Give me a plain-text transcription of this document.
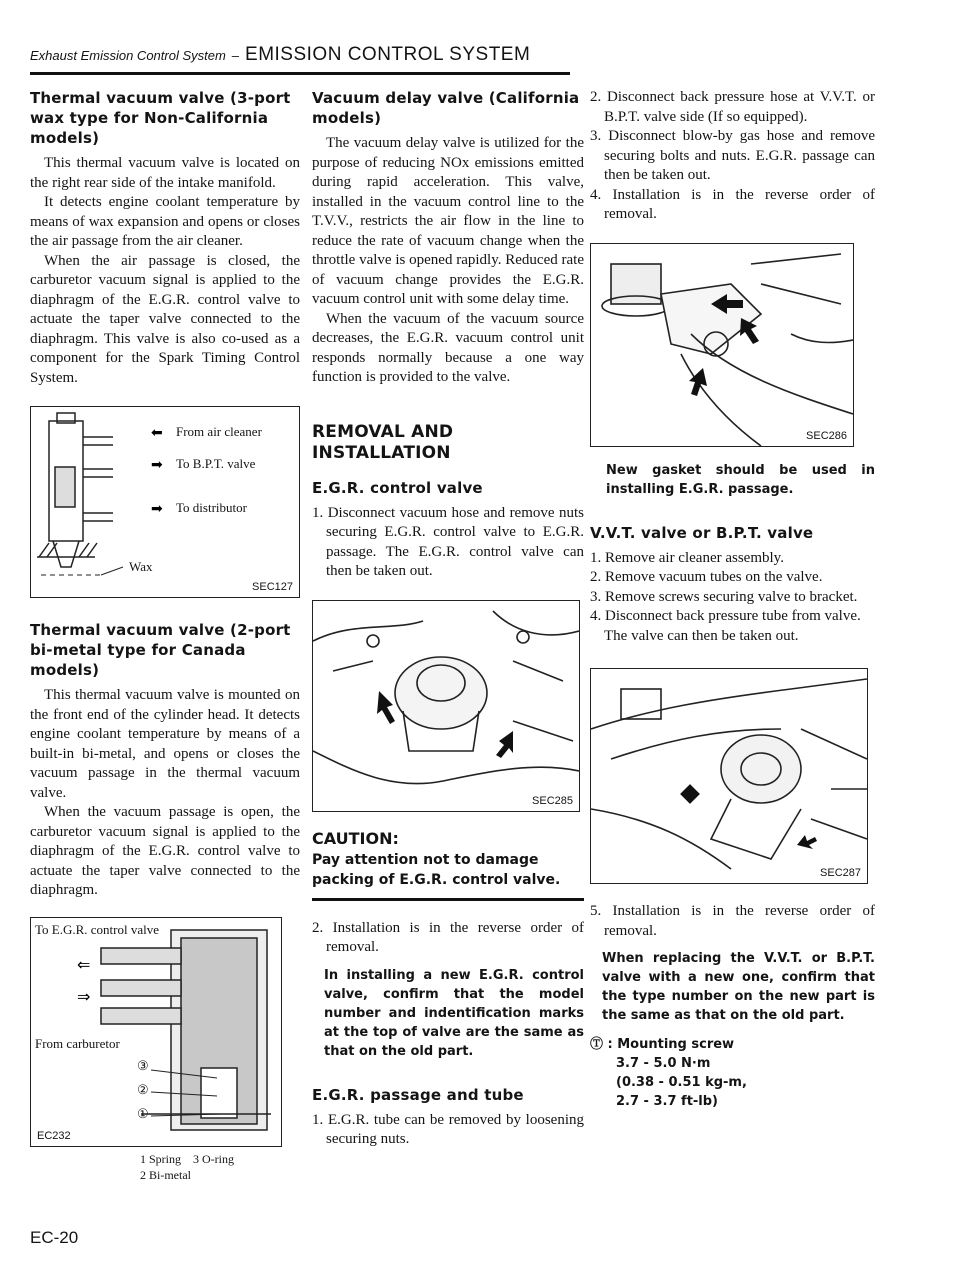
Exhaust Emission Control System – EMISSION CONTROL SYSTEM
Thermal vacuum valve (3-port wax type for Non-California models)

This thermal vacuum valve is located on the right rear side of the intake manifold.

It detects engine coolant temperature by means of wax expansion and opens or closes the air passage from the air cleaner.

When the air passage is closed, the carburetor vacuum signal is applied to the diaphragm of the E.G.R. control valve to actuate the taper valve connected to the diaphragm. This valve is also co-used as a component for the Spark Timing Control System.

⬅
➡
➡
From air cleaner
To B.P.T. valve
To distributor
Wax
SEC127
Thermal vacuum valve (2-port bi-metal type for Canada models)

This thermal vacuum valve is mounted on the front end of the cylinder head. It detects engine coolant temperature by means of a built-in bi-metal, and opens or closes the vacuum passage in the thermal vacuum valve.

When the vacuum passage is open, the carburetor vacuum signal is applied to the diaphragm of the E.G.R. control valve to actuate the taper valve connected to the diaphragm.

⇐
⇒
To E.G.R. control valve
From carburetor
③
②
①
EC232
1 Spring 3 O-ring
2 Bi-metal
Vacuum delay valve (California models)

The vacuum delay valve is utilized for the purpose of reducing NOx emissions emitted during rapid acceleration. This valve, installed in the vacuum control line to the T.V.V., restricts the air flow in the line to reduce the rate of vacuum change when the throttle valve is opened rapidly. Reduced rate of vacuum change provides the E.G.R. vacuum control unit with some delay time.

When the vacuum of the vacuum source decreases, the E.G.R. vacuum control unit responds normally because a one way function is provided to the valve.

REMOVAL AND INSTALLATION
E.G.R. control valve

1. Disconnect vacuum hose and remove nuts securing E.G.R. control valve to E.G.R. passage. The E.G.R. control valve can then be taken out.

SEC285
CAUTION:
Pay attention not to damage packing of E.G.R. control valve.

2. Installation is in the reverse order of removal.

In installing a new E.G.R. control valve, confirm that the model number and indentification marks at the top of valve are the same as that on the old part.

E.G.R. passage and tube

1. E.G.R. tube can be removed by loosening securing nuts.

2. Disconnect back pressure hose at V.V.T. or B.P.T. valve side (If so equipped).

3. Disconnect blow-by gas hose and remove securing bolts and nuts. E.G.R. passage can then be taken out.

4. Installation is in the reverse order of removal.

SEC286

New gasket should be used in installing E.G.R. passage.

V.V.T. valve or B.P.T. valve

1. Remove air cleaner assembly.

2. Remove vacuum tubes on the valve.

3. Remove screws securing valve to bracket.

4. Disconnect back pressure tube from valve.

The valve can then be taken out.

SEC287

5. Installation is in the reverse order of removal.

When replacing the V.V.T. or B.P.T. valve with a new one, confirm that the type number on the new part is the same as that on the old part.

Ⓣ : Mounting screw
3.7 - 5.0 N·m
(0.38 - 0.51 kg-m,
2.7 - 3.7 ft-lb)
EC-20
